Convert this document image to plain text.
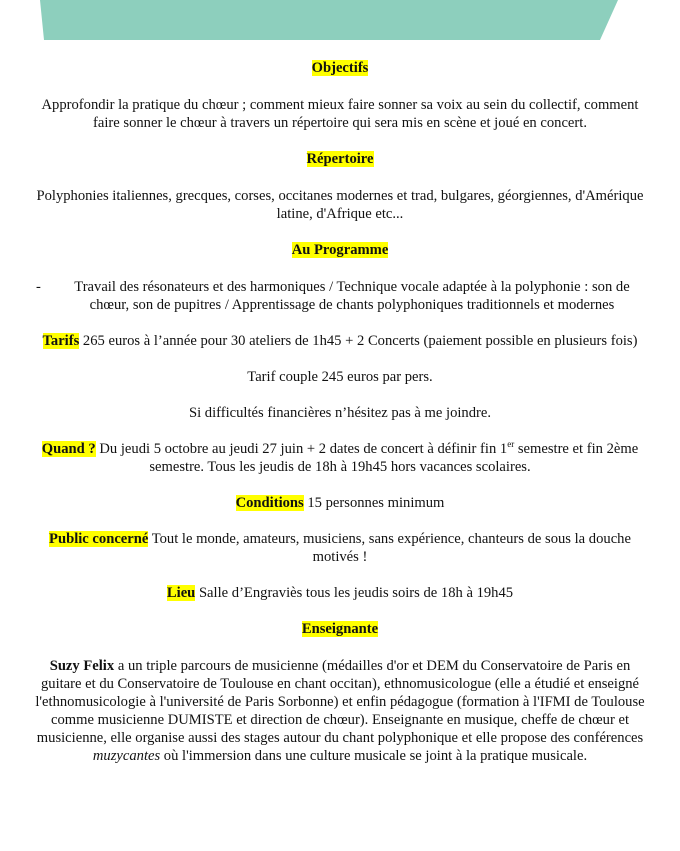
Objectifs

Approfondir la pratique du chœur ; comment mieux faire sonner sa voix au sein du collectif, comment faire sonner le chœur à travers un répertoire qui sera mis en scène et joué en concert.

Répertoire

Polyphonies italiennes, grecques, corses, occitanes modernes et trad, bulgares, géorgiennes, d'Amérique latine, d'Afrique etc...

Au Programme

-	Travail des résonateurs et des harmoniques / Technique vocale adaptée à la polyphonie : son de chœur, son de pupitres / Apprentissage de chants polyphoniques traditionnels et modernes

Tarifs 265 euros à l’année pour 30 ateliers de 1h45 + 2 Concerts (paiement possible en plusieurs fois)

Tarif couple 245 euros par pers.

Si difficultés financières n’hésitez pas à me joindre.

Quand ? Du jeudi 5 octobre au jeudi 27 juin + 2 dates de concert à définir fin 1er semestre et fin 2ème semestre. Tous les jeudis de 18h à 19h45 hors vacances scolaires.

Conditions 15 personnes minimum

Public concerné Tout le monde, amateurs, musiciens, sans expérience, chanteurs de sous la douche motivés !

Lieu Salle d’Engraviès tous les jeudis soirs de 18h à 19h45

Enseignante

Suzy Felix a un triple parcours de musicienne (médailles d'or et DEM du Conservatoire de Paris en guitare et du Conservatoire de Toulouse en chant occitan), ethnomusicologue (elle a étudié et enseigné l'ethnomusicologie à l'université de Paris Sorbonne) et enfin pédagogue (formation à l'IFMI de Toulouse comme musicienne DUMISTE et direction de chœur). Enseignante en musique, cheffe de chœur et musicienne, elle organise aussi des stages autour du chant polyphonique et elle propose des conférences muzycantes où l'immersion dans une culture musicale se joint à la pratique musicale.
